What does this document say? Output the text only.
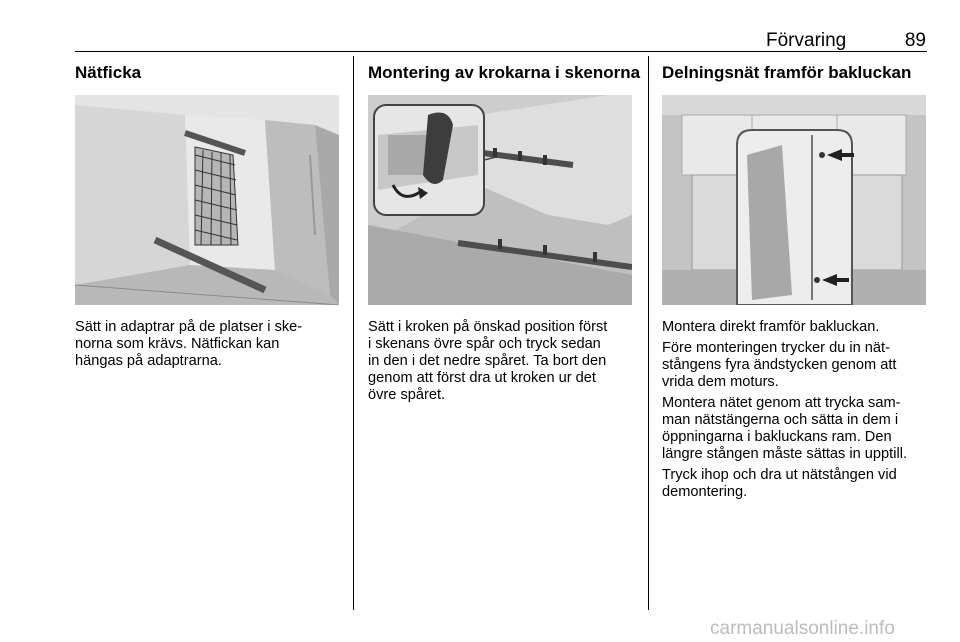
Förvaring	89
Nätficka

Sätt in adaptrar på de platser i ske-
norna som krävs. Nätfickan kan
hängas på adaptrarna.

Montering av krokarna i skenorna

Sätt i kroken på önskad position först
i skenans övre spår och tryck sedan
in den i det nedre spåret. Ta bort den
genom att först dra ut kroken ur det
övre spåret.

Delningsnät framför bakluckan

Montera direkt framför bakluckan.

Före monteringen trycker du in nät-
stångens fyra ändstycken genom att
vrida dem moturs.

Montera nätet genom att trycka sam-
man nätstängerna och sätta in dem i
öppningarna i bakluckans ram. Den
längre stången måste sättas in upptill.

Tryck ihop och dra ut nätstången vid
demontering.

carmanualsonline.info
